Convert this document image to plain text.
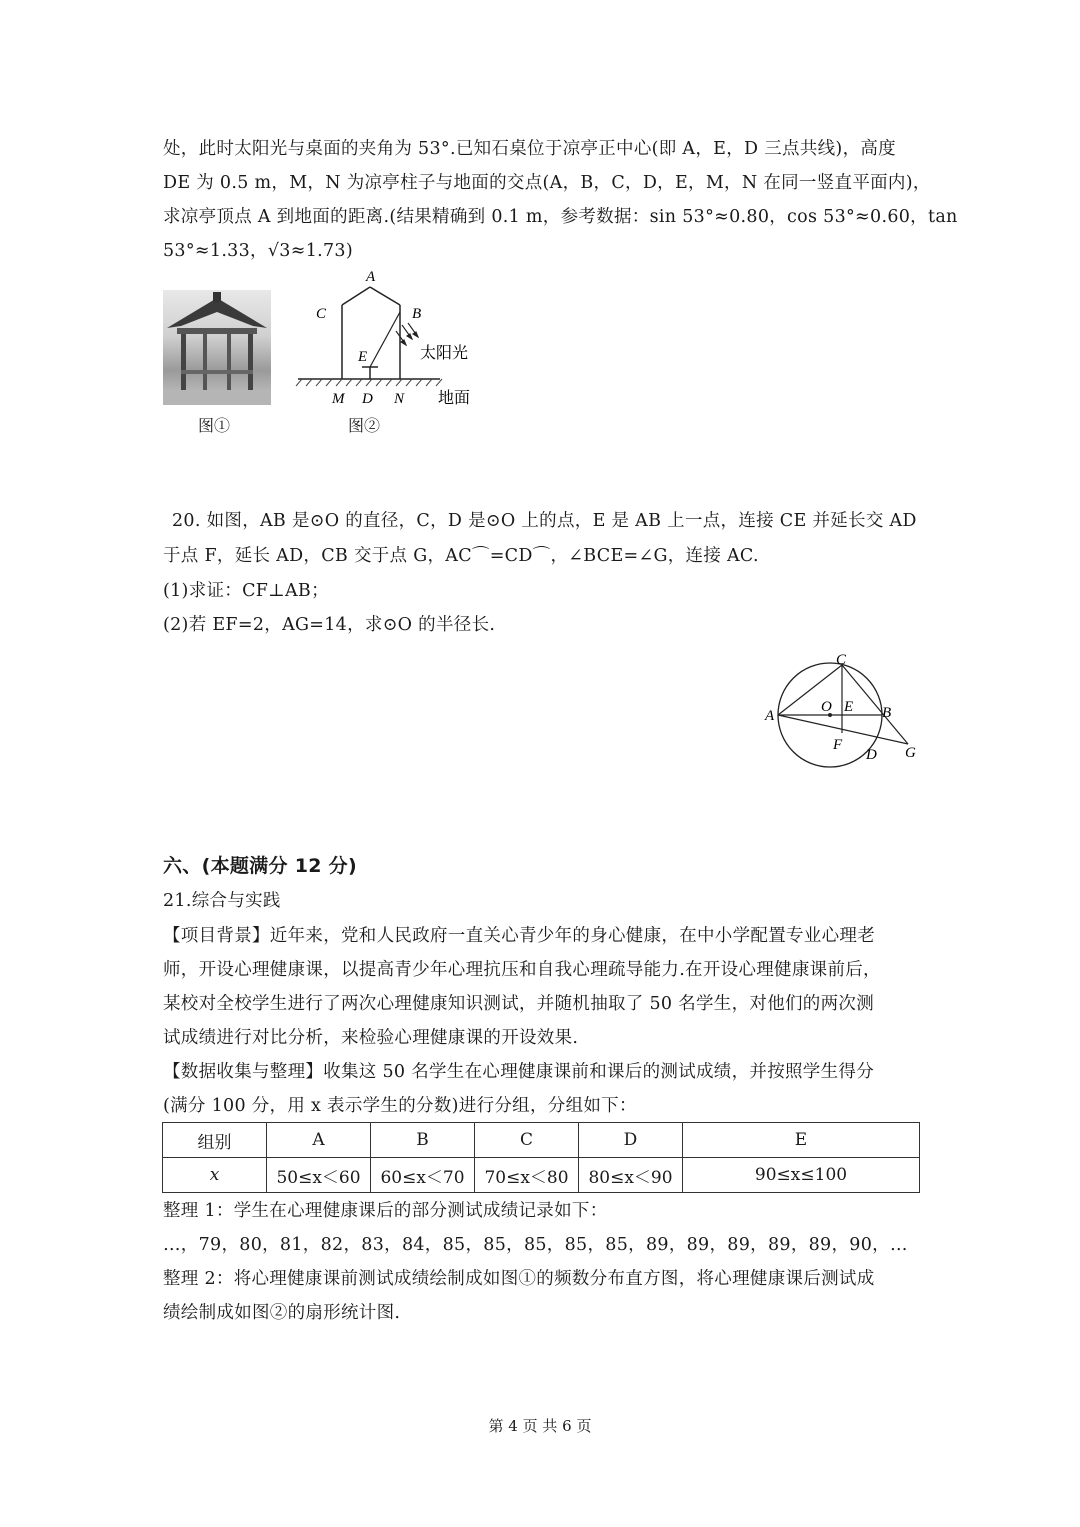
处，此时太阳光与桌面的夹角为 53°.已知石桌位于凉亭正中心(即 A，E，D 三点共线)，高度
DE 为 0.5 m，M，N 为凉亭柱子与地面的交点(A，B，C，D，E，M，N 在同一竖直平面内)，
求凉亭顶点 A 到地面的距离.(结果精确到 0.1 m，参考数据：sin 53°≈0.80，cos 53°≈0.60，tan
53°≈1.33，√3≈1.73)
图①
A
C	B
E	太阳光
M D N 地面
图②
20. 如图，AB 是⊙O 的直径，C，D 是⊙O 上的点，E 是 AB 上一点，连接 CE 并延长交 AD
于点 F，延长 AD，CB 交于点 G，AC⌒=CD⌒，∠BCE=∠G，连接 AC.
(1)求证：CF⊥AB；
(2)若 EF=2，AG=14，求⊙O 的半径长.
C
A
O E B
F
D G
六、(本题满分 12 分)
21.综合与实践
【项目背景】近年来，党和人民政府一直关心青少年的身心健康，在中小学配置专业心理老
师，开设心理健康课，以提高青少年心理抗压和自我心理疏导能力.在开设心理健康课前后，
某校对全校学生进行了两次心理健康知识测试，并随机抽取了 50 名学生，对他们的两次测
试成绩进行对比分析，来检验心理健康课的开设效果.
【数据收集与整理】收集这 50 名学生在心理健康课前和课后的测试成绩，并按照学生得分
(满分 100 分，用 x 表示学生的分数)进行分组，分组如下：
组别	A	B	C	D	E
x	50≤x＜60	60≤x＜70	70≤x＜80	80≤x＜90	90≤x≤100
整理 1：学生在心理健康课后的部分测试成绩记录如下：
…，79，80，81，82，83，84，85，85，85，85，85，89，89，89，89，89，90，…
整理 2：将心理健康课前测试成绩绘制成如图①的频数分布直方图，将心理健康课后测试成
绩绘制成如图②的扇形统计图.
第 4 页 共 6 页
